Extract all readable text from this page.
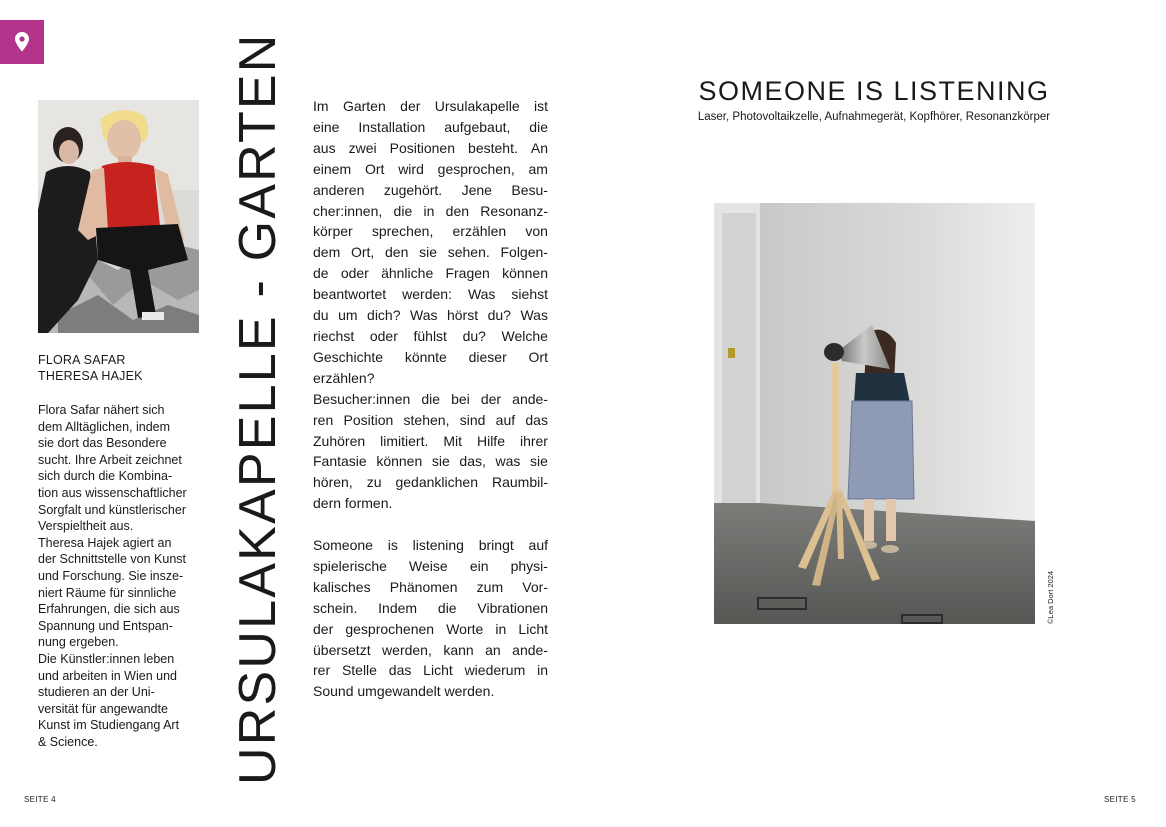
FLORA SAFAR
THERESA HAJEK
Flora Safar nähert sich
dem Alltäglichen, indem
sie dort das Besondere
sucht. Ihre Arbeit zeichnet
sich durch die Kombina-
tion aus wissenschaftlicher
Sorgfalt und künstlerischer
Verspieltheit aus.
Theresa Hajek agiert an
der Schnittstelle von Kunst
und Forschung. Sie insze-
niert Räume für sinnliche
Erfahrungen, die sich aus
Spannung und Entspan-
nung ergeben.
Die Künstler:innen leben
und arbeiten in Wien und
studieren an der Uni-
versität für angewandte
Kunst im Studiengang Art
& Science.	URSULAKAPELLE - GARTEN Im Garten der Ursulakapelle ist
eine Installation aufgebaut, die
aus zwei Positionen besteht. An
einem Ort wird gesprochen, am
anderen zugehört. Jene Besu-
cher:innen, die in den Resonanz-
körper sprechen, erzählen von
dem Ort, den sie sehen. Folgen-
de oder ähnliche Fragen können
beantwortet werden: Was siehst
du um dich? Was hörst du? Was
riechst oder fühlst du? Welche
Geschichte könnte dieser Ort
erzählen?
Besucher:innen die bei der ande-
ren Position stehen, sind auf das
Zuhören limitiert. Mit Hilfe ihrer
Fantasie können sie das, was sie
hören, zu gedanklichen Raumbil-
dern formen.
Someone is listening bringt auf
spielerische Weise ein physi-
kalisches Phänomen zum Vor-
schein. Indem die Vibrationen
der gesprochenen Worte in Licht
übersetzt werden, kann an ande-
rer Stelle das Licht wiederum in
Sound umgewandelt werden.
SOMEONE IS LISTENING
Laser, Photovoltaikzelle, Aufnahmegerät, Kopfhörer, Resonanzkörper
©Lea Dort 2024
SEITE 4	SEITE 5
